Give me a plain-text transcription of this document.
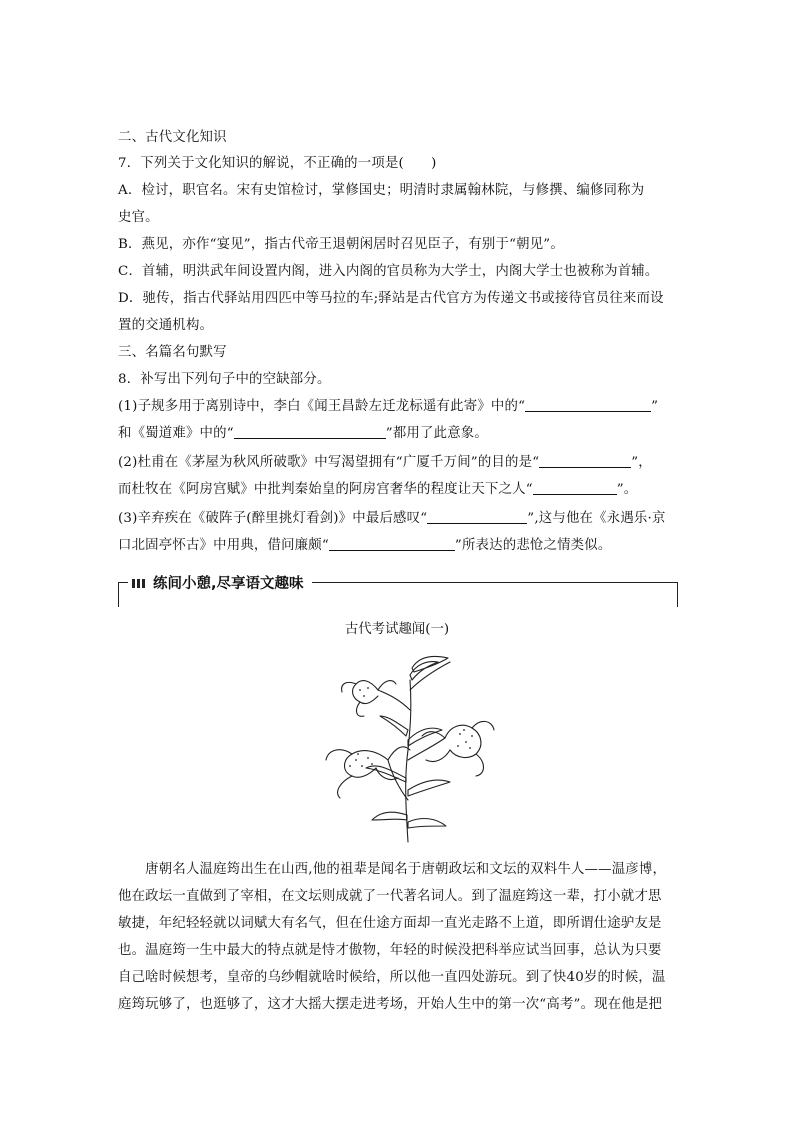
二、古代文化知识
7．下列关于文化知识的解说，不正确的一项是(　　)
A．检讨，职官名。宋有史馆检讨，掌修国史；明清时隶属翰林院，与修撰、编修同称为
史官。
B．燕见，亦作“宴见”，指古代帝王退朝闲居时召见臣子，有别于“朝见”。
C．首辅，明洪武年间设置内阁，进入内阁的官员称为大学士，内阁大学士也被称为首辅。
D．驰传，指古代驿站用四匹中等马拉的车;驿站是古代官方为传递文书或接待官员往来而设
置的交通机构。
三、名篇名句默写
8．补写出下列句子中的空缺部分。
(1)子规多用于离别诗中，李白《闻王昌龄左迁龙标遥有此寄》中的“	”
和《蜀道难》中的“	”都用了此意象。
(2)杜甫在《茅屋为秋风所破歌》中写渴望拥有“广厦千万间”的目的是“	”，
而杜牧在《阿房宫赋》中批判秦始皇的阿房宫奢华的程度让天下之人“	”。
(3)辛弃疾在《破阵子(醉里挑灯看剑)》中最后感叹“	”,这与他在《永遇乐·京
口北固亭怀古》中用典，借问廉颇“	”所表达的悲怆之情类似。
练间小憩,尽享语文趣味
古代考试趣闻(一)
　　唐朝名人温庭筠出生在山西,他的祖辈是闻名于唐朝政坛和文坛的双料牛人——温彦博，
他在政坛一直做到了宰相，在文坛则成就了一代著名词人。到了温庭筠这一辈，打小就才思
敏捷，年纪轻轻就以词赋大有名气，但在仕途方面却一直光走路不上道，即所谓仕途驴友是
也。温庭筠一生中最大的特点就是恃才傲物，年轻的时候没把科举应试当回事，总认为只要
自己啥时候想考，皇帝的乌纱帽就啥时候给，所以他一直四处游玩。到了快40岁的时候，温
庭筠玩够了，也逛够了，这才大摇大摆走进考场，开始人生中的第一次“高考”。现在他是把
